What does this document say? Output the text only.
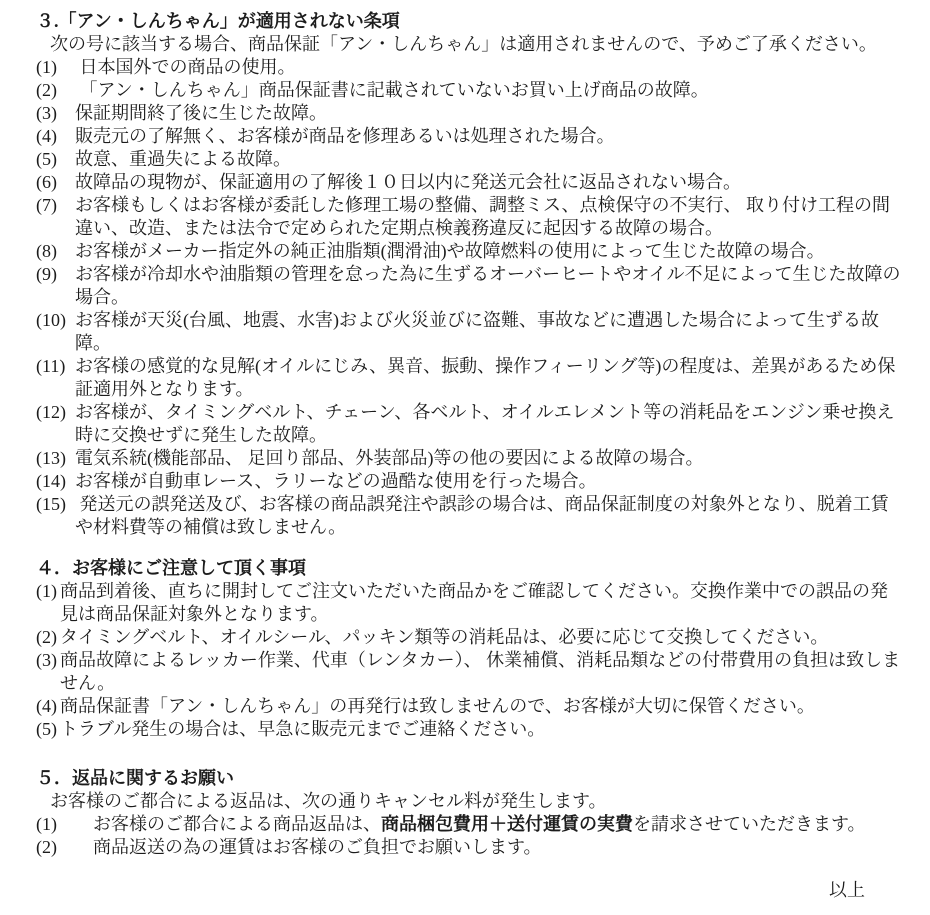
３.「アン・しんちゃん」が適用されない条項
次の号に該当する場合、商品保証「アン・しんちゃん」は適用されませんので、予めご了承ください。
(1)	日本国外での商品の使用。
(2)	「アン・しんちゃん」商品保証書に記載されていないお買い上げ商品の故障。
(3)	保証期間終了後に生じた故障。
(4)	販売元の了解無く、お客様が商品を修理あるいは処理された場合。
(5)	故意、重過失による故障。
(6)	故障品の現物が、保証適用の了解後１０日以内に発送元会社に返品されない場合。
(7)	お客様もしくはお客様が委託した修理工場の整備、調整ミス、点検保守の不実行、 取り付け工程の間違い、改造、または法令で定められた定期点検義務違反に起因する故障の場合。
(8)	お客様がメーカー指定外の純正油脂類(潤滑油)や故障燃料の使用によって生じた故障の場合。
(9)	お客様が冷却水や油脂類の管理を怠った為に生ずるオーバーヒートやオイル不足によって生じた故障の場合。
(10) お客様が天災(台風、地震、水害)および火災並びに盗難、事故などに遭遇した場合によって生ずる故障。
(11) お客様の感覚的な見解(オイルにじみ、異音、振動、操作フィーリング等)の程度は、差異があるため保証適用外となります。
(12) お客様が、タイミングベルト、チェーン、各ベルト、オイルエレメント等の消耗品をエンジン乗せ換え時に交換せずに発生した故障。
(13) 電気系統(機能部品、 足回り部品、外装部品)等の他の要因による故障の場合。
(14) お客様が自動車レース、ラリーなどの過酷な使用を行った場合。
(15) 発送元の誤発送及び、お客様の商品誤発注や誤診の場合は、商品保証制度の対象外となり、脱着工賃や材料費等の補償は致しません。
４．お客様にご注意して頂く事項
(1) 商品到着後、直ちに開封してご注文いただいた商品かをご確認してください。交換作業中での誤品の発見は商品保証対象外となります。
(2) タイミングベルト、オイルシール、パッキン類等の消耗品は、必要に応じて交換してください。
(3) 商品故障によるレッカー作業、代車（レンタカー）、 休業補償、消耗品類などの付帯費用の負担は致しません。
(4) 商品保証書「アン・しんちゃん」の再発行は致しませんので、お客様が大切に保管ください。
(5) トラブル発生の場合は、早急に販売元までご連絡ください。
５．返品に関するお願い
お客様のご都合による返品は、次の通りキャンセル料が発生します。
(1)	　お客様のご都合による商品返品は、商品梱包費用＋送付運賃の実費を請求させていただきます。
(2)	　商品返送の為の運賃はお客様のご負担でお願いします。
以上
